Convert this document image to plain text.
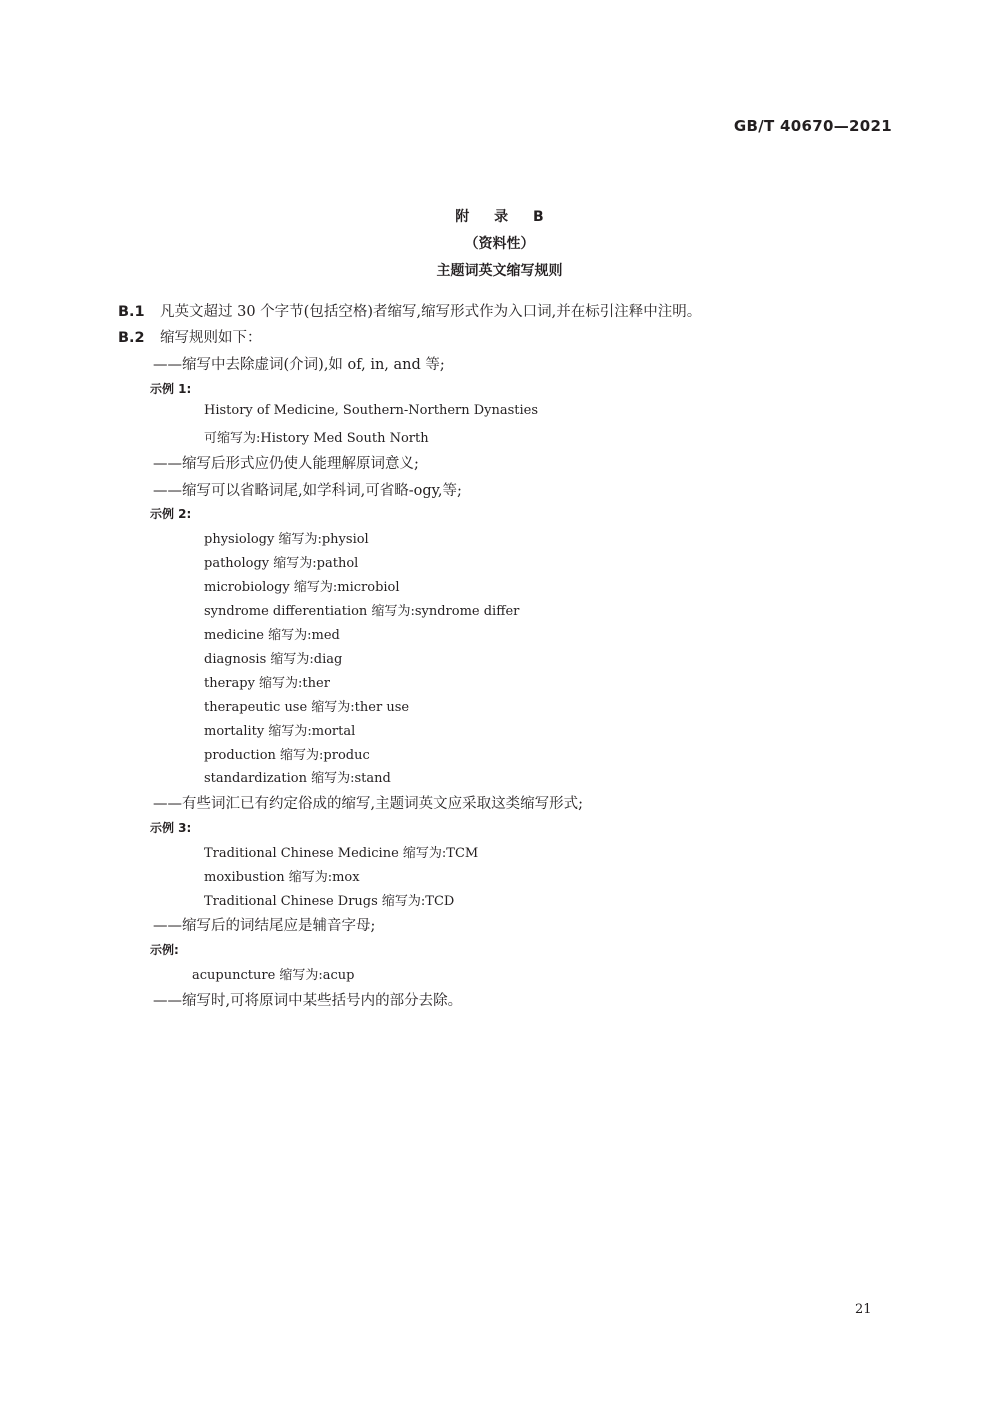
GB/T 40670—2021
附 录 B
（资料性）
主题词英文缩写规则
B.1 凡英文超过 30 个字节(包括空格)者缩写,缩写形式作为入口词,并在标引注释中注明。
B.2 缩写规则如下：
——缩写中去除虚词(介词),如 of, in, and 等;
示例 1:
History of Medicine, Southern-Northern Dynasties
可缩写为:History Med South North
——缩写后形式应仍使人能理解原词意义;
——缩写可以省略词尾,如学科词,可省略-ogy,等;
示例 2:
physiology 缩写为:physiol
pathology 缩写为:pathol
microbiology 缩写为:microbiol
syndrome differentiation 缩写为:syndrome differ
medicine 缩写为:med
diagnosis 缩写为:diag
therapy 缩写为:ther
therapeutic use 缩写为:ther use
mortality 缩写为:mortal
production 缩写为:produc
standardization 缩写为:stand
——有些词汇已有约定俗成的缩写,主题词英文应采取这类缩写形式;
示例 3:
Traditional Chinese Medicine 缩写为:TCM
moxibustion 缩写为:mox
Traditional Chinese Drugs 缩写为:TCD
——缩写后的词结尾应是辅音字母;
示例:
acupuncture 缩写为:acup
——缩写时,可将原词中某些括号内的部分去除。
21
